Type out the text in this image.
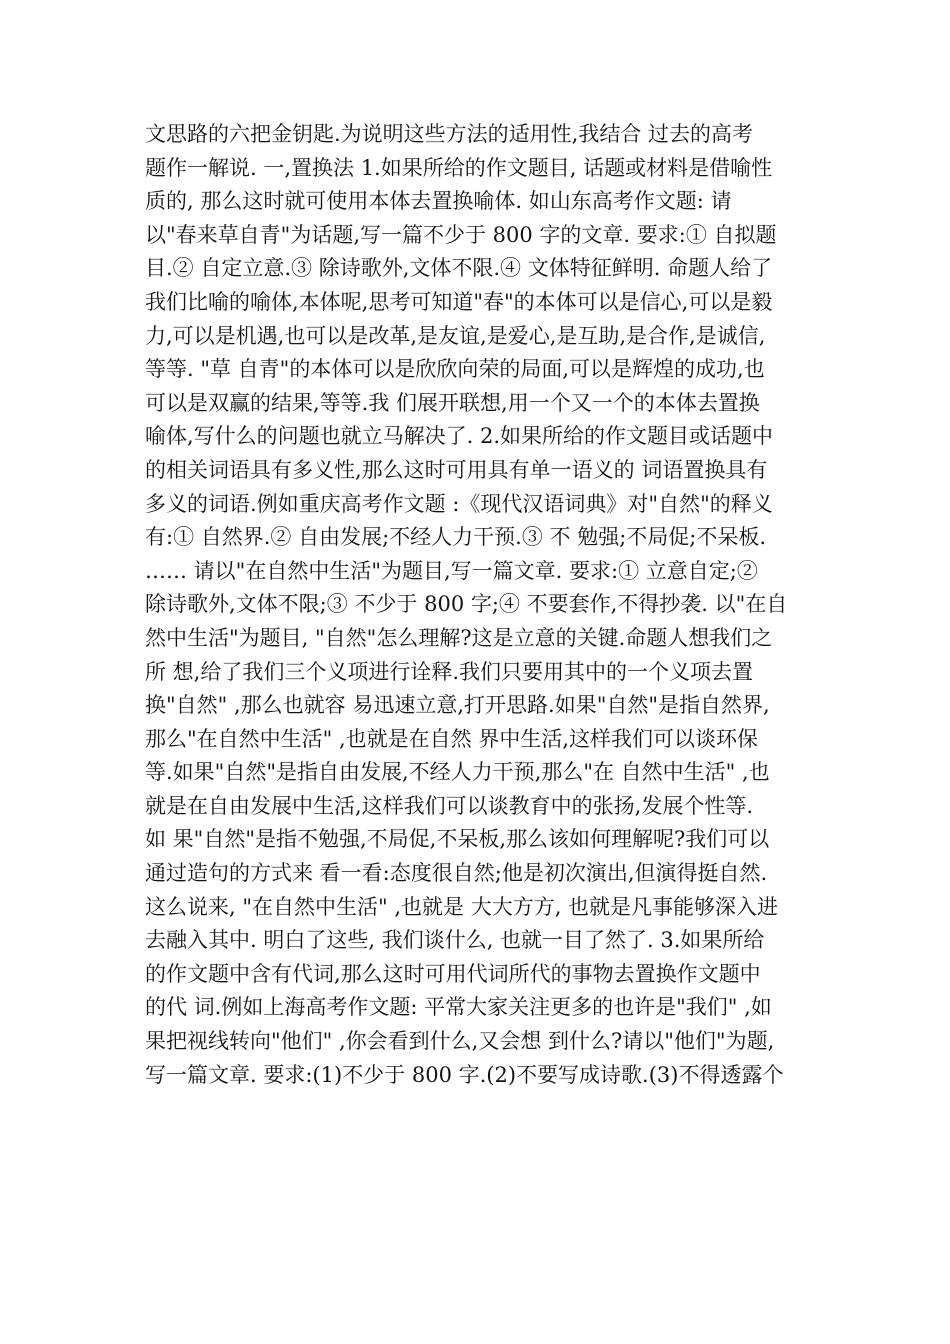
文思路的六把金钥匙.为说明这些方法的适用性,我结合 过去的高考
题作一解说. 一,置换法 1.如果所给的作文题目, 话题或材料是借喻性
质的, 那么这时就可使用本体去置换喻体. 如山东高考作文题: 请
以"春来草自青"为话题,写一篇不少于 800 字的文章. 要求:① 自拟题
目.② 自定立意.③ 除诗歌外,文体不限.④ 文体特征鲜明. 命题人给了
我们比喻的喻体,本体呢,思考可知道"春"的本体可以是信心,可以是毅
力,可以是机遇,也可以是改革,是友谊,是爱心,是互助,是合作,是诚信,
等等. "草 自青"的本体可以是欣欣向荣的局面,可以是辉煌的成功,也
可以是双赢的结果,等等.我 们展开联想,用一个又一个的本体去置换
喻体,写什么的问题也就立马解决了. 2.如果所给的作文题目或话题中
的相关词语具有多义性,那么这时可用具有单一语义的 词语置换具有
多义的词语.例如重庆高考作文题 :《现代汉语词典》对"自然"的释义
有:① 自然界.② 自由发展;不经人力干预.③ 不 勉强;不局促;不呆板.
…… 请以"在自然中生活"为题目,写一篇文章. 要求:① 立意自定;②
除诗歌外,文体不限;③ 不少于 800 字;④ 不要套作,不得抄袭. 以"在自
然中生活"为题目, "自然"怎么理解?这是立意的关键.命题人想我们之
所 想,给了我们三个义项进行诠释.我们只要用其中的一个义项去置
换"自然" ,那么也就容 易迅速立意,打开思路.如果"自然"是指自然界,
那么"在自然中生活" ,也就是在自然 界中生活,这样我们可以谈环保
等.如果"自然"是指自由发展,不经人力干预,那么"在 自然中生活" ,也
就是在自由发展中生活,这样我们可以谈教育中的张扬,发展个性等.
如 果"自然"是指不勉强,不局促,不呆板,那么该如何理解呢?我们可以
通过造句的方式来 看一看:态度很自然;他是初次演出,但演得挺自然.
这么说来, "在自然中生活" ,也就是 大大方方, 也就是凡事能够深入进
去融入其中. 明白了这些, 我们谈什么, 也就一目了然了. 3.如果所给
的作文题中含有代词,那么这时可用代词所代的事物去置换作文题中
的代 词.例如上海高考作文题: 平常大家关注更多的也许是"我们" ,如
果把视线转向"他们" ,你会看到什么,又会想 到什么?请以"他们"为题,
写一篇文章. 要求:(1)不少于 800 字.(2)不要写成诗歌.(3)不得透露个
